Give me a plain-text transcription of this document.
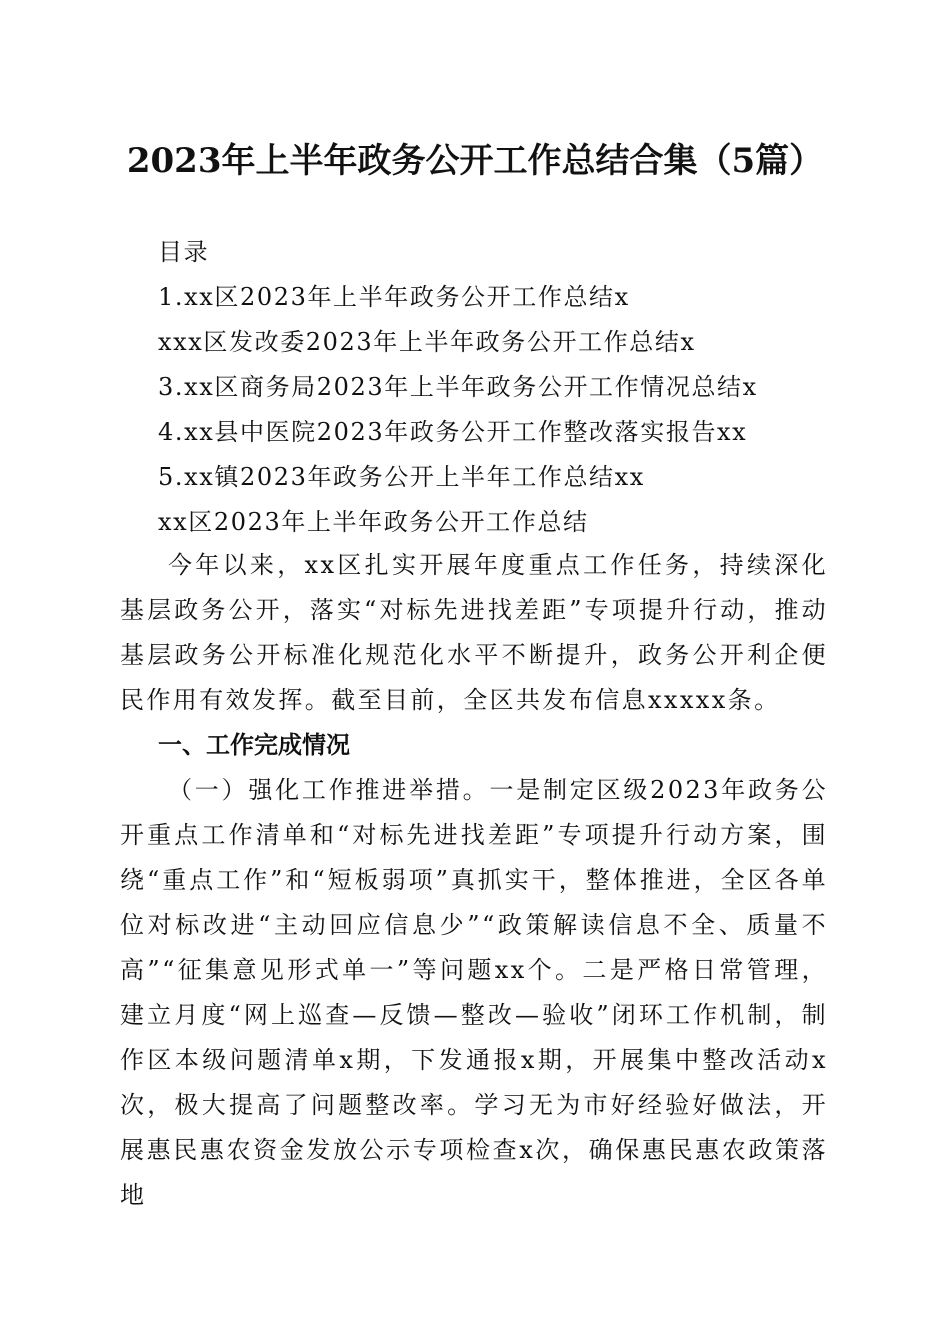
2023年上半年政务公开工作总结合集（5篇）
目录
1.xx区2023年上半年政务公开工作总结x
xxx区发改委2023年上半年政务公开工作总结x
3.xx区商务局2023年上半年政务公开工作情况总结x
4.xx县中医院2023年政务公开工作整改落实报告xx
5.xx镇2023年政务公开上半年工作总结xx
xx区2023年上半年政务公开工作总结

今年以来，xx区扎实开展年度重点工作任务，持续深化基层政务公开，落实“对标先进找差距”专项提升行动，推动基层政务公开标准化规范化水平不断提升，政务公开利企便民作用有效发挥。截至目前，全区共发布信息xxxxx条。

一、工作完成情况

（一）强化工作推进举措。一是制定区级2023年政务公开重点工作清单和“对标先进找差距”专项提升行动方案，围绕“重点工作”和“短板弱项”真抓实干，整体推进，全区各单位对标改进“主动回应信息少”“政策解读信息不全、质量不高”“征集意见形式单一”等问题xx个。二是严格日常管理，建立月度“网上巡查—反馈—整改—验收”闭环工作机制，制作区本级问题清单x期，下发通报x期，开展集中整改活动x次，极大提高了问题整改率。学习无为市好经验好做法，开展惠民惠农资金发放公示专项检查x次，确保惠民惠农政策落地
